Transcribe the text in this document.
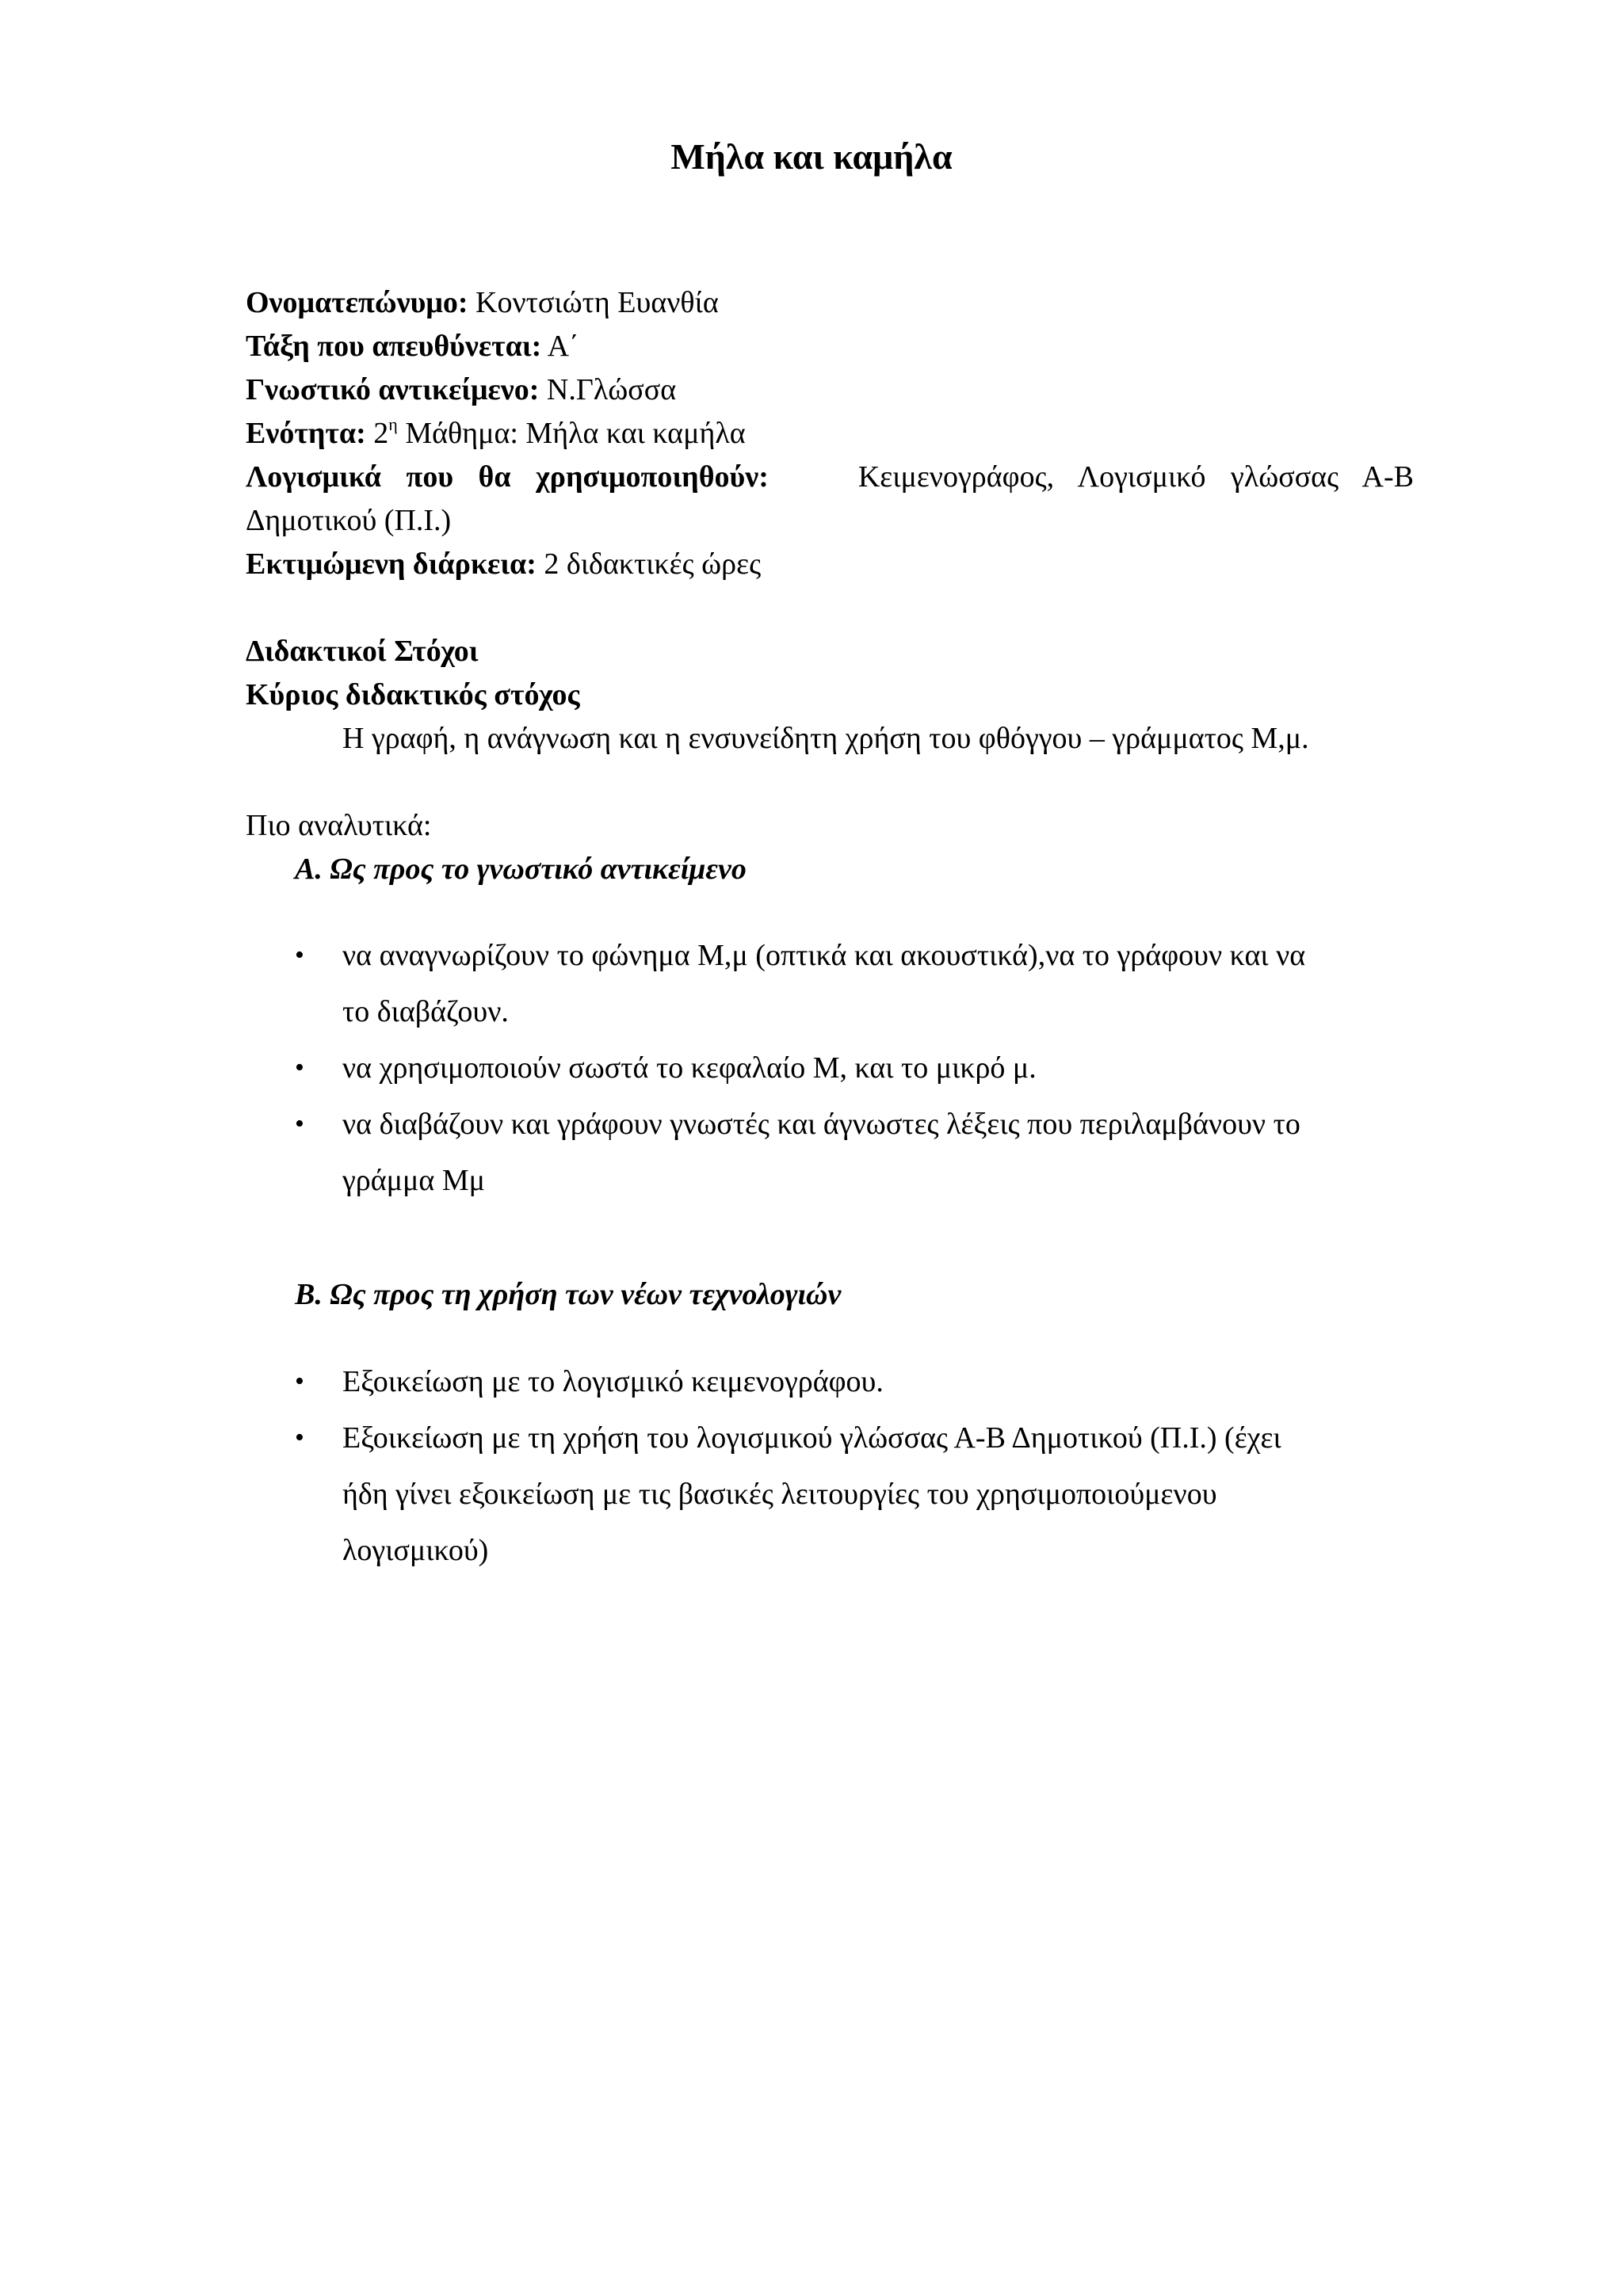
Μήλα και καμήλα
Ονοματεπώνυμο: Κοντσιώτη Ευανθία
Τάξη που απευθύνεται: Α΄
Γνωστικό αντικείμενο: Ν.Γλώσσα
Ενότητα: $2^\eta$ Μάθημα: Μήλα και καμήλα
Λογισμικά που θα χρησιμοποιηθούν:	Κειμενογράφος, Λογισμικό γλώσσας Α-Β
Δημοτικού (Π.Ι.)
Εκτιμώμενη διάρκεια: 2 διδακτικές ώρες
Διδακτικοί Στόχοι
Κύριος διδακτικός στόχος
Η γραφή, η ανάγνωση και η ενσυνείδητη χρήση του φθόγγου – γράμματος Μ,μ.
Πιο αναλυτικά:
Α. Ως προς το γνωστικό αντικείμενο
• να αναγνωρίζουν το φώνημα Μ,μ (οπτικά και ακουστικά),να το γράφουν και να
το διαβάζουν.
• να χρησιμοποιούν σωστά το κεφαλαίο Μ, και το μικρό μ.
• να διαβάζουν και γράφουν γνωστές και άγνωστες λέξεις που περιλαμβάνουν το
γράμμα Μμ
Β. Ως προς τη χρήση των νέων τεχνολογιών
• Εξοικείωση με το λογισμικό κειμενογράφου.
• Εξοικείωση με τη χρήση του λογισμικού γλώσσας Α-Β Δημοτικού (Π.Ι.) (έχει
ήδη γίνει εξοικείωση με τις βασικές λειτουργίες του χρησιμοποιούμενου
λογισμικού)
